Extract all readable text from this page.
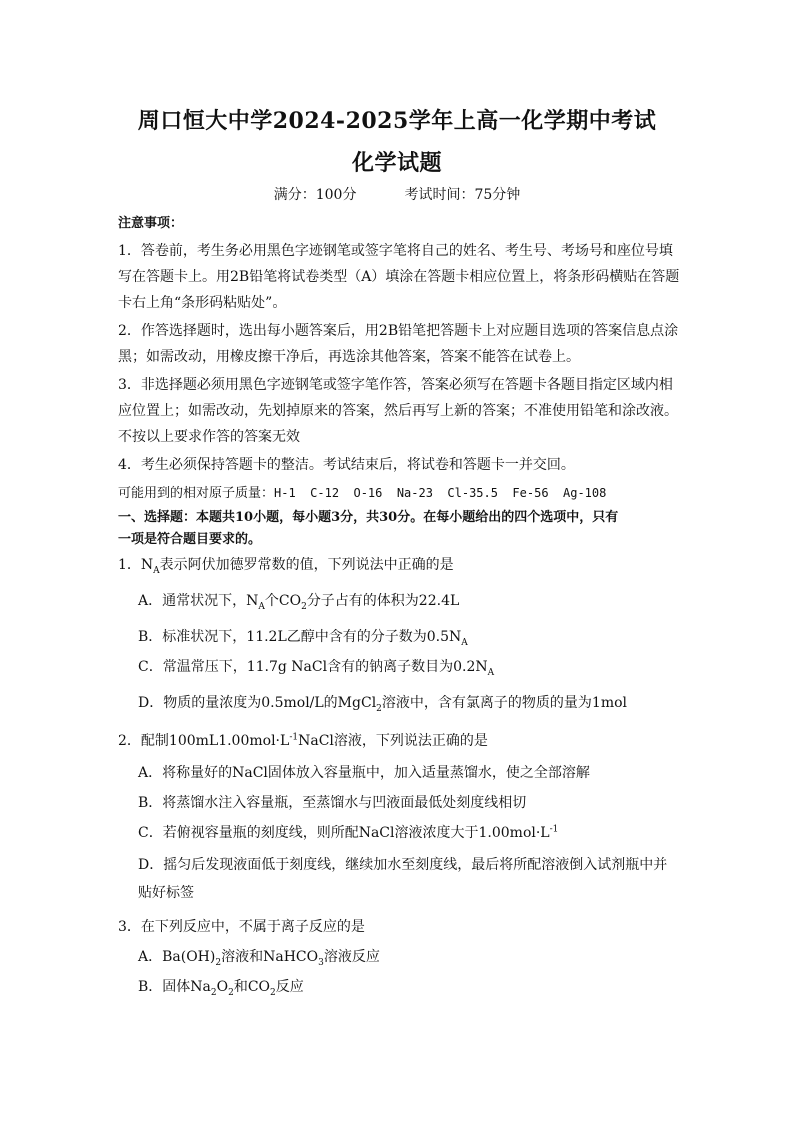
周口恒大中学2024-2025学年上高一化学期中考试
化学试题
满分：100分	考试时间：75分钟
注意事项：
1．答卷前，考生务必用黑色字迹钢笔或签字笔将自己的姓名、考生号、考场号和座位号填
写在答题卡上。用2B铅笔将试卷类型（A）填涂在答题卡相应位置上，将条形码横贴在答题
卡右上角“条形码粘贴处”。
2．作答选择题时，选出每小题答案后，用2B铅笔把答题卡上对应题目选项的答案信息点涂
黑；如需改动，用橡皮擦干净后，再选涂其他答案，答案不能答在试卷上。
3．非选择题必须用黑色字迹钢笔或签字笔作答，答案必须写在答题卡各题目指定区域内相
应位置上；如需改动，先划掉原来的答案，然后再写上新的答案；不准使用铅笔和涂改液。
不按以上要求作答的答案无效
4．考生必须保持答题卡的整洁。考试结束后，将试卷和答题卡一并交回。
可能用到的相对原子质量：H-1  C-12  O-16  Na-23  Cl-35.5  Fe-56  Ag-108
一、选择题：本题共10小题，每小题3分，共30分。在每小题给出的四个选项中，只有
一项是符合题目要求的。
1．$N_A$表示阿伏加德罗常数的值，下列说法中正确的是
A．通常状况下，$N_A$个$CO_2$分子占有的体积为22.4L
B．标准状况下，11.2L乙醇中含有的分子数为$0.5N_A$
C．常温常压下，11.7g NaCl含有的钠离子数目为$0.2N_A$
D．物质的量浓度为0.5mol/L的MgCl$_2$溶液中，含有氯离子的物质的量为1mol
2．配制$100mL1.00mol\cdot L^{-1}NaCl$溶液，下列说法正确的是
A．将称量好的NaCl固体放入容量瓶中，加入适量蒸馏水，使之全部溶解
B．将蒸馏水注入容量瓶，至蒸馏水与凹液面最低处刻度线相切
C．若俯视容量瓶的刻度线，则所配NaCl溶液浓度大于$1.00mol\cdot L^{-1}$
D．摇匀后发现液面低于刻度线，继续加水至刻度线，最后将所配溶液倒入试剂瓶中并
贴好标签
3．在下列反应中，不属于离子反应的是
A．$Ba(OH)_2$溶液和NaHCO$_3$溶液反应
B．固体$Na_2O_2$和$CO_2$反应
